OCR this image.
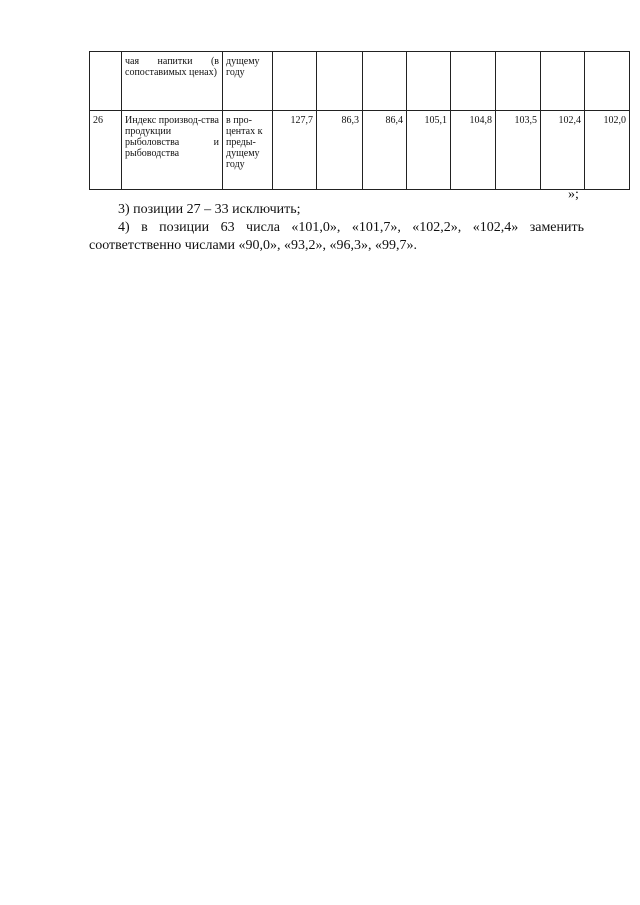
	чая напитки (в сопоставимых ценах)	дущему году								
26	Индекс производ-ства продукции рыболовства и рыбоводства	в про-центах к преды-дущему году	127,7	86,3	86,4	105,1	104,8	103,5	102,4	102,0
»;
3) позиции 27 – 33 исключить;
4) в позиции 63 числа «101,0», «101,7», «102,2», «102,4» заменить соответственно числами «90,0», «93,2», «96,3», «99,7».
